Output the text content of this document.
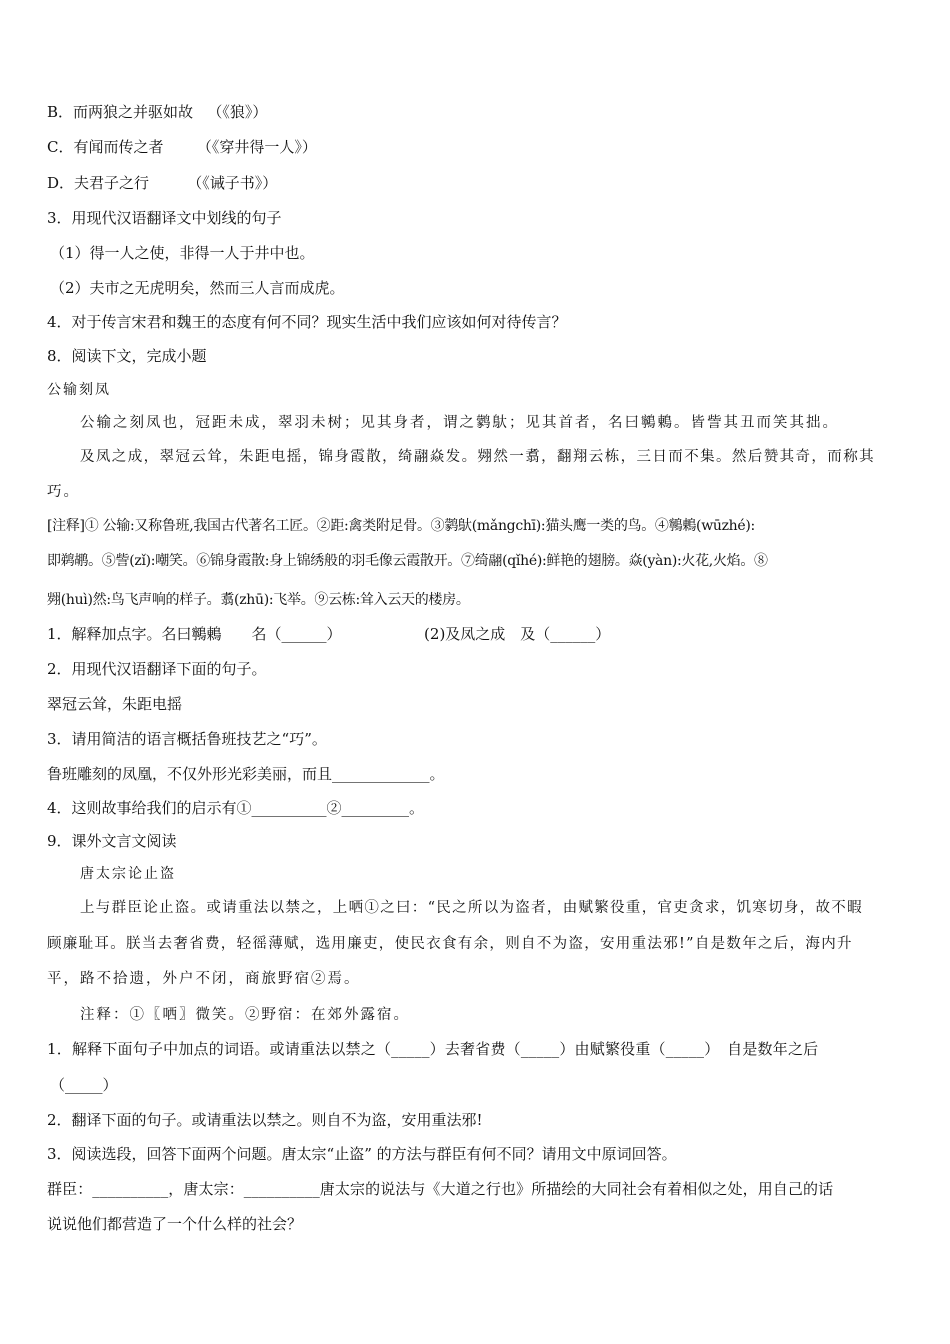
B．而两狼之并驱如故 （《狼》）
C．有闻而传之者 （《穿井得一人》）
D．夫君子之行	（《诫子书》）
3．用现代汉语翻译文中划线的句子
（1）得一人之使，非得一人于井中也。
（2）夫市之无虎明矣，然而三人言而成虎。
4．对于传言宋君和魏王的态度有何不同？现实生活中我们应该如何对待传言？
8．阅读下文，完成小题
公输刻凤
公输之刻凤也，冠距未成，翠羽未树；见其身者，谓之鹲䲦；见其首者，名曰鸋鶇。皆訾其丑而笑其拙。
及凤之成，翠冠云耸，朱距电摇，锦身霞散，绮翮焱发。翙然一翥，翻翔云栋，三日而不集。然后赞其奇，而称其
巧。
[注释]① 公输:又称鲁班,我国古代著名工匠。②距:禽类附足骨。③鹲䲦(mǎngchī):猫头鹰一类的鸟。④鸋鶇(wūzhé):
即鹈鹕。⑤訾(zǐ):嘲笑。⑥锦身霞散:身上锦绣般的羽毛像云霞散开。⑦绮翮(qǐhé):鲜艳的翅膀。焱(yàn):火花,火焰。⑧
翙(huì)然:鸟飞声响的样子。翥(zhū):飞举。⑨云栋:耸入云天的楼房。
1．解释加点字。名曰鸋鶇　　名（______）　　　　　　(2)及凤之成　及（______）
2．用现代汉语翻译下面的句子。
翠冠云耸，朱距电摇
3．请用简洁的语言概括鲁班技艺之“巧”。
鲁班雕刻的凤凰，不仅外形光彩美丽，而且_____________。
4．这则故事给我们的启示有①__________②_________。
9．课外文言文阅读
唐太宗论止盗
上与群臣论止盗。或请重法以禁之，上哂①之曰：“民之所以为盗者，由赋繁役重，官吏贪求，饥寒切身，故不暇
顾廉耻耳。朕当去奢省费，轻徭薄赋，选用廉吏，使民衣食有余，则自不为盗，安用重法邪!”自是数年之后，海内升
平，路不拾遗，外户不闭，商旅野宿②焉。
注释：①〖哂〗微笑。②野宿：在郊外露宿。
1．解释下面句子中加点的词语。或请重法以禁之（_____）去奢省费（_____）由赋繁役重（_____）　自是数年之后
（_____）
2．翻译下面的句子。或请重法以禁之。则自不为盗，安用重法邪!
3．阅读选段，回答下面两个问题。唐太宗“止盗” 的方法与群臣有何不同？请用文中原词回答。
群臣：__________，唐太宗：__________唐太宗的说法与《大道之行也》所描绘的大同社会有着相似之处，用自己的话
说说他们都营造了一个什么样的社会？
